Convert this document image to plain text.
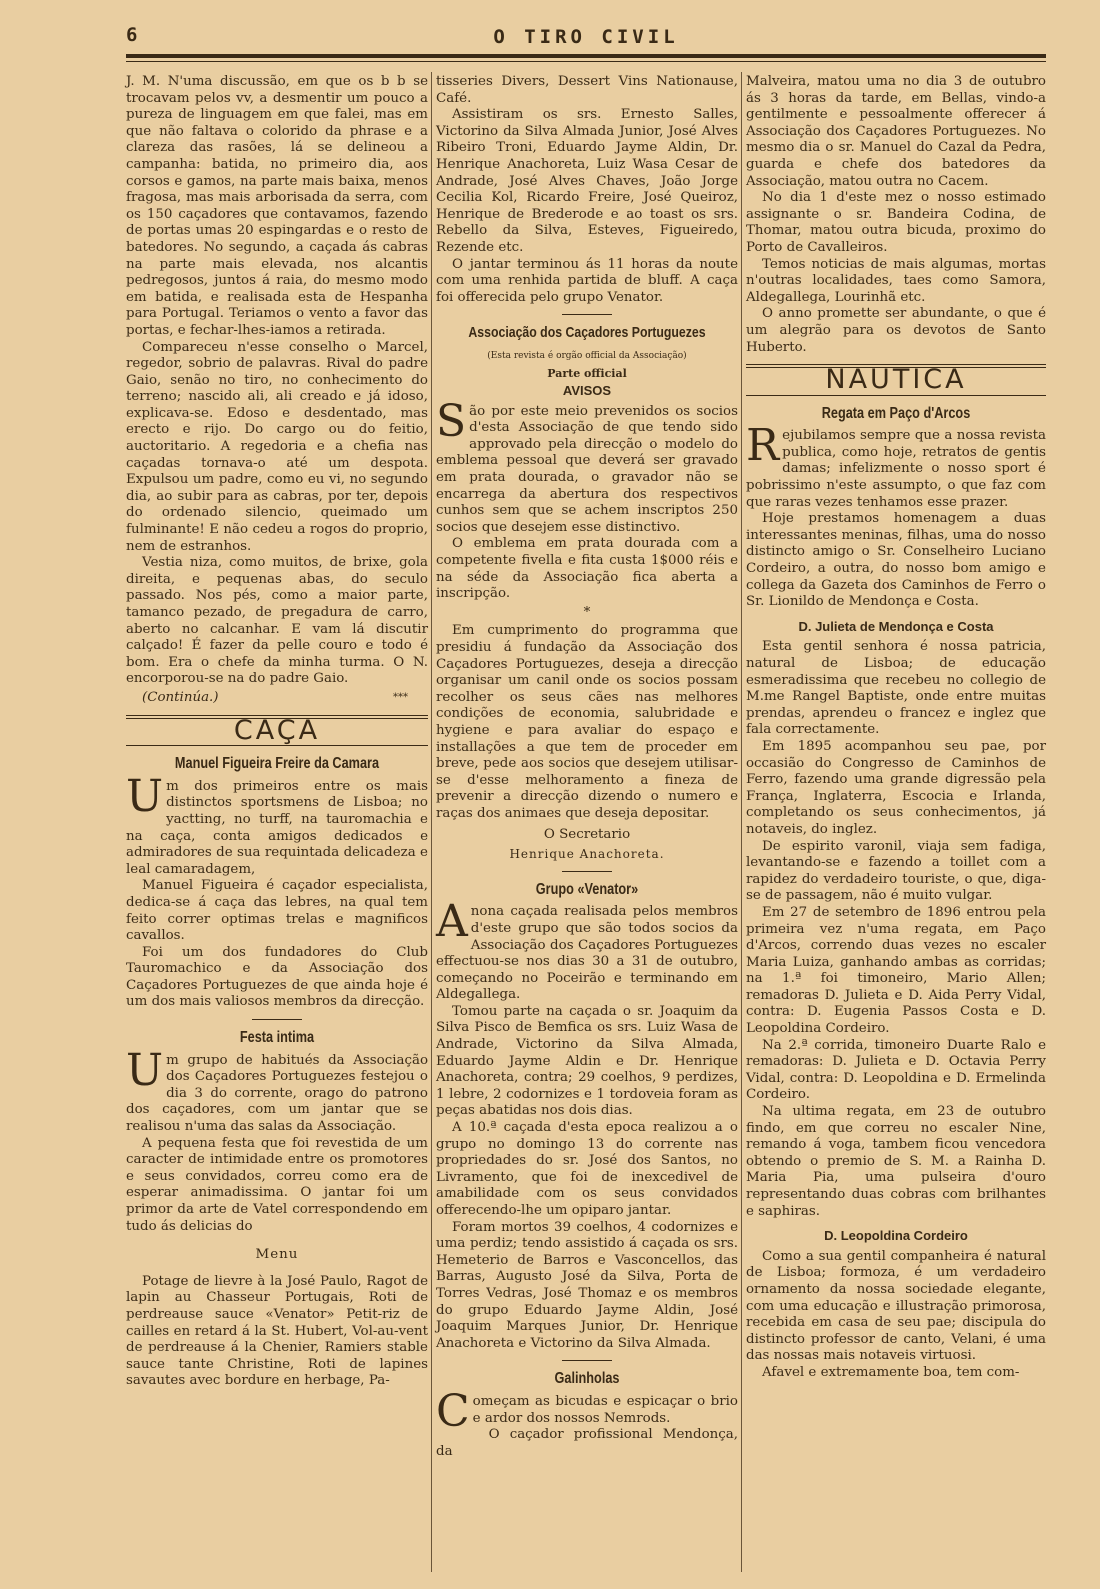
6	O TIRO CIVIL

J. M. N'uma discussão, em que os b b se trocavam pelos vv, a desmentir um pouco a pureza de linguagem em que falei, mas em que não faltava o colorido da phrase e a clareza das rasões, lá se delineou a campanha: batida, no primeiro dia, aos corsos e gamos, na parte mais baixa, menos fragosa, mas mais arborisada da serra, com os 150 caçadores que contavamos, fazendo de portas umas 20 espingardas e o resto de batedores. No segundo, a caçada ás cabras na parte mais elevada, nos alcantis pedregosos, juntos á raia, do mesmo modo em batida, e realisada esta de Hespanha para Portugal. Teriamos o vento a favor das portas, e fechar-lhes-iamos a retirada.

Compareceu n'esse conselho o Marcel, regedor, sobrio de palavras. Rival do padre Gaio, senão no tiro, no conhecimento do terreno; nascido ali, ali creado e já idoso, explicava-se. Edoso e desdentado, mas erecto e rijo. Do cargo ou do feitio, auctoritario. A regedoria e a chefia nas caçadas tornava-o até um despota. Expulsou um padre, como eu vi, no segundo dia, ao subir para as cabras, por ter, depois do ordenado silencio, queimado um fulminante! E não cedeu a rogos do proprio, nem de estranhos.

Vestia niza, como muitos, de brixe, gola direita, e pequenas abas, do seculo passado. Nos pés, como a maior parte, tamanco pezado, de pregadura de carro, aberto no calcanhar. E vam lá discutir calçado! É fazer da pelle couro e todo é bom. Era o chefe da minha turma. O N. encorporou-se na do padre Gaio.

(Continúa.)	***
CAÇA
Manuel Figueira Freire da Camara

Um dos primeiros entre os mais distinctos sportsmens de Lisboa; no yactting, no turff, na tauromachia e na caça, conta amigos dedicados e admiradores de sua requintada delicadeza e leal camaradagem,

Manuel Figueira é caçador especialista, dedica-se á caça das lebres, na qual tem feito correr optimas trelas e magnificos cavallos.

Foi um dos fundadores do Club Tauromachico e da Associação dos Caçadores Portuguezes de que ainda hoje é um dos mais valiosos membros da direcção.

Festa intima

Um grupo de habitués da Associação dos Caçadores Portuguezes festejou o dia 3 do corrente, orago do patrono dos caçadores, com um jantar que se realisou n'uma das salas da Associação.

A pequena festa que foi revestida de um caracter de intimidade entre os promotores e seus convidados, correu como era de esperar animadissima. O jantar foi um primor da arte de Vatel correspondendo em tudo ás delicias do

Menu

Potage de lievre à la José Paulo, Ragot de lapin au Chasseur Portugais, Roti de perdreause sauce «Venator» Petit-riz de cailles en retard á la St. Hubert, Vol-au-vent de perdreause á la Chenier, Ramiers stable sauce tante Christine, Roti de lapines savautes avec bordure en herbage, Pa-

tisseries Divers, Dessert Vins Nationause, Café.

Assistiram os srs. Ernesto Salles, Victorino da Silva Almada Junior, José Alves Ribeiro Troni, Eduardo Jayme Aldin, Dr. Henrique Anachoreta, Luiz Wasa Cesar de Andrade, José Alves Chaves, João Jorge Cecilia Kol, Ricardo Freire, José Queiroz, Henrique de Brederode e ao toast os srs. Rebello da Silva, Esteves, Figueiredo, Rezende etc.

O jantar terminou ás 11 horas da noute com uma renhida partida de bluff. A caça foi offerecida pelo grupo Venator.

Associação dos Caçadores Portuguezes

(Esta revista é orgão official da Associação)

Parte official

AVISOS

São por este meio prevenidos os socios d'esta Associação de que tendo sido approvado pela direcção o modelo do emblema pessoal que deverá ser gravado em prata dourada, o gravador não se encarrega da abertura dos respectivos cunhos sem que se achem inscriptos 250 socios que desejem esse distinctivo.

O emblema em prata dourada com a competente fivella e fita custa 1$000 réis e na séde da Associação fica aberta a inscripção.

*

Em cumprimento do programma que presidiu á fundação da Associação dos Caçadores Portuguezes, deseja a direcção organisar um canil onde os socios possam recolher os seus cães nas melhores condições de economia, salubridade e hygiene e para avaliar do espaço e installações a que tem de proceder em breve, pede aos socios que desejem utilisar-se d'esse melhoramento a fineza de prevenir a direcção dizendo o numero e raças dos animaes que deseja depositar.

O Secretario

Henrique Anachoreta.

Grupo «Venator»

Anona caçada realisada pelos membros d'este grupo que são todos socios da Associação dos Caçadores Portuguezes effectuou-se nos dias 30 a 31 de outubro, começando no Poceirão e terminando em Aldegallega.

Tomou parte na caçada o sr. Joaquim da Silva Pisco de Bemfica os srs. Luiz Wasa de Andrade, Victorino da Silva Almada, Eduardo Jayme Aldin e Dr. Henrique Anachoreta, contra; 29 coelhos, 9 perdizes, 1 lebre, 2 codornizes e 1 tordoveia foram as peças abatidas nos dois dias.

A 10.ª caçada d'esta epoca realizou a o grupo no domingo 13 do corrente nas propriedades do sr. José dos Santos, no Livramento, que foi de inexcedivel de amabilidade com os seus convidados offerecendo-lhe um opiparo jantar.

Foram mortos 39 coelhos, 4 codornizes e uma perdiz; tendo assistido á caçada os srs. Hemeterio de Barros e Vasconcellos, das Barras, Augusto José da Silva, Porta de Torres Vedras, José Thomaz e os membros do grupo Eduardo Jayme Aldin, José Joaquim Marques Junior, Dr. Henrique Anachoreta e Victorino da Silva Almada.

Galinholas

Começam as bicudas e espicaçar o brio e ardor dos nossos Nemrods.

O caçador profissional Mendonça, da

Malveira, matou uma no dia 3 de outubro ás 3 horas da tarde, em Bellas, vindo-a gentilmente e pessoalmente offerecer á Associação dos Caçadores Portuguezes. No mesmo dia o sr. Manuel do Cazal da Pedra, guarda e chefe dos batedores da Associação, matou outra no Cacem.

No dia 1 d'este mez o nosso estimado assignante o sr. Bandeira Codina, de Thomar, matou outra bicuda, proximo do Porto de Cavalleiros.

Temos noticias de mais algumas, mortas n'outras localidades, taes como Samora, Aldegallega, Lourinhã etc.

O anno promette ser abundante, o que é um alegrão para os devotos de Santo Huberto.

NAUTICA
Regata em Paço d'Arcos

Rejubilamos sempre que a nossa revista publica, como hoje, retratos de gentis damas; infelizmente o nosso sport é pobrissimo n'este assumpto, o que faz com que raras vezes tenhamos esse prazer.

Hoje prestamos homenagem a duas interessantes meninas, filhas, uma do nosso distincto amigo o Sr. Conselheiro Luciano Cordeiro, a outra, do nosso bom amigo e collega da Gazeta dos Caminhos de Ferro o Sr. Lionildo de Mendonça e Costa.

D. Julieta de Mendonça e Costa

Esta gentil senhora é nossa patricia, natural de Lisboa; de educação esmeradissima que recebeu no collegio de M.me Rangel Baptiste, onde entre muitas prendas, aprendeu o francez e inglez que fala correctamente.

Em 1895 acompanhou seu pae, por occasião do Congresso de Caminhos de Ferro, fazendo uma grande digressão pela França, Inglaterra, Escocia e Irlanda, completando os seus conhecimentos, já notaveis, do inglez.

De espirito varonil, viaja sem fadiga, levantando-se e fazendo a toillet com a rapidez do verdadeiro touriste, o que, diga-se de passagem, não é muito vulgar.

Em 27 de setembro de 1896 entrou pela primeira vez n'uma regata, em Paço d'Arcos, correndo duas vezes no escaler Maria Luiza, ganhando ambas as corridas; na 1.ª foi timoneiro, Mario Allen; remadoras D. Julieta e D. Aida Perry Vidal, contra: D. Eugenia Passos Costa e D. Leopoldina Cordeiro.

Na 2.ª corrida, timoneiro Duarte Ralo e remadoras: D. Julieta e D. Octavia Perry Vidal, contra: D. Leopoldina e D. Ermelinda Cordeiro.

Na ultima regata, em 23 de outubro findo, em que correu no escaler Nine, remando á voga, tambem ficou vencedora obtendo o premio de S. M. a Rainha D. Maria Pia, uma pulseira d'ouro representando duas cobras com brilhantes e saphiras.

D. Leopoldina Cordeiro

Como a sua gentil companheira é natural de Lisboa; formoza, é um verdadeiro ornamento da nossa sociedade elegante, com uma educação e illustração primorosa, recebida em casa de seu pae; discipula do distincto professor de canto, Velani, é uma das nossas mais notaveis virtuosi.

Afavel e extremamente boa, tem com-
